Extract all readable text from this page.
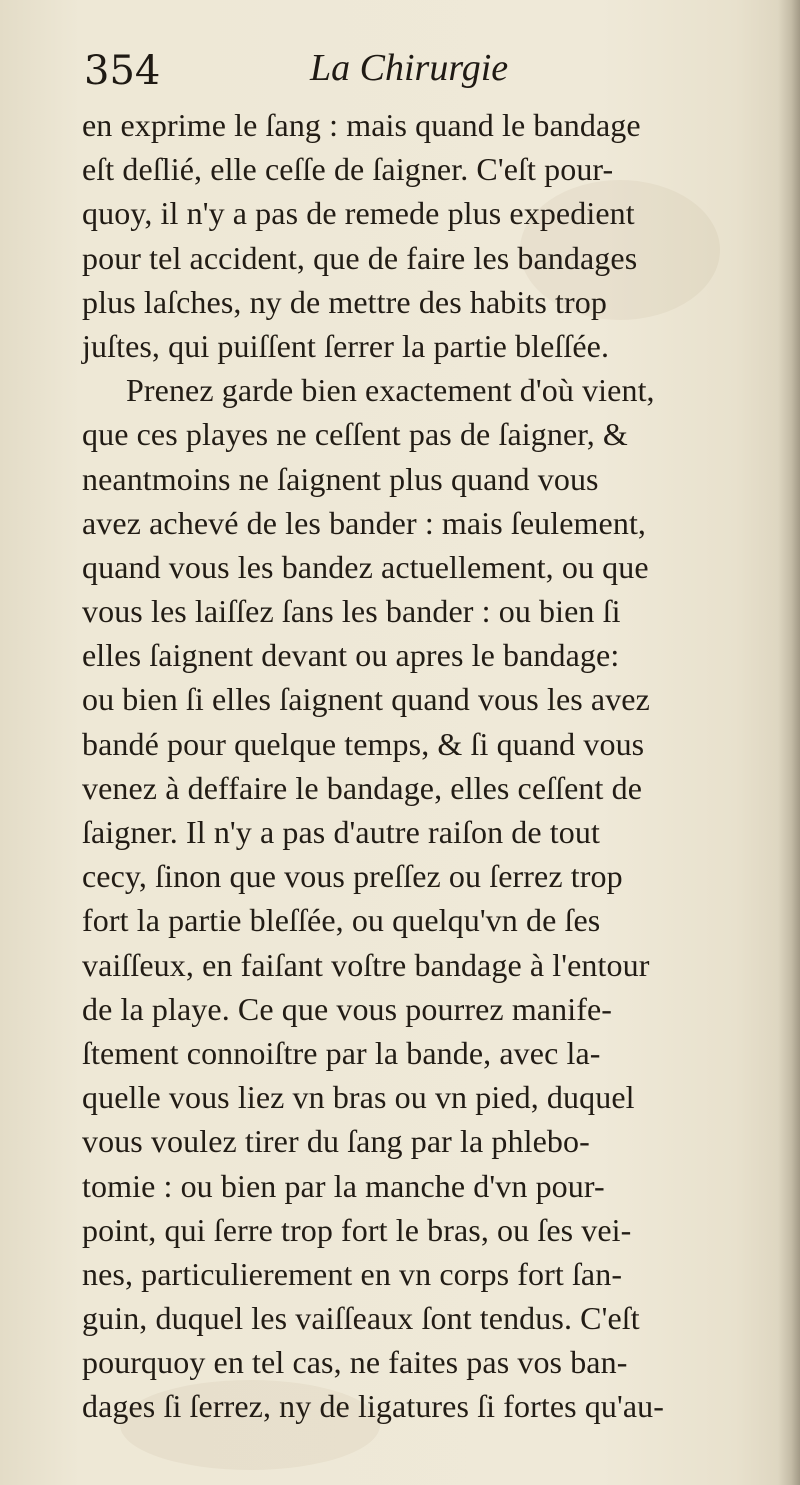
354	La Chirurgie
en exprime le ſang : mais quand le bandage
eſt deſlié, elle ceſſe de ſaigner. C'eſt pour-
quoy, il n'y a pas de remede plus expedient
pour tel accident, que de faire les bandages
plus laſches, ny de mettre des habits trop
juſtes, qui puiſſent ſerrer la partie bleſſée.
Prenez garde bien exactement d'où vient,
que ces playes ne ceſſent pas de ſaigner, &
neantmoins ne ſaignent plus quand vous
avez achevé de les bander : mais ſeulement,
quand vous les bandez actuellement, ou que
vous les laiſſez ſans les bander : ou bien ſi
elles ſaignent devant ou apres le bandage:
ou bien ſi elles ſaignent quand vous les avez
bandé pour quelque temps, & ſi quand vous
venez à deffaire le bandage, elles ceſſent de
ſaigner. Il n'y a pas d'autre raiſon de tout
cecy, ſinon que vous preſſez ou ſerrez trop
fort la partie bleſſée, ou quelqu'vn de ſes
vaiſſeux, en faiſant voſtre bandage à l'entour
de la playe. Ce que vous pourrez manife-
ſtement connoiſtre par la bande, avec la-
quelle vous liez vn bras ou vn pied, duquel
vous voulez tirer du ſang par la phlebo-
tomie : ou bien par la manche d'vn pour-
point, qui ſerre trop fort le bras, ou ſes vei-
nes, particulierement en vn corps fort ſan-
guin, duquel les vaiſſeaux ſont tendus. C'eſt
pourquoy en tel cas, ne faites pas vos ban-
dages ſi ſerrez, ny de ligatures ſi fortes qu'au-
